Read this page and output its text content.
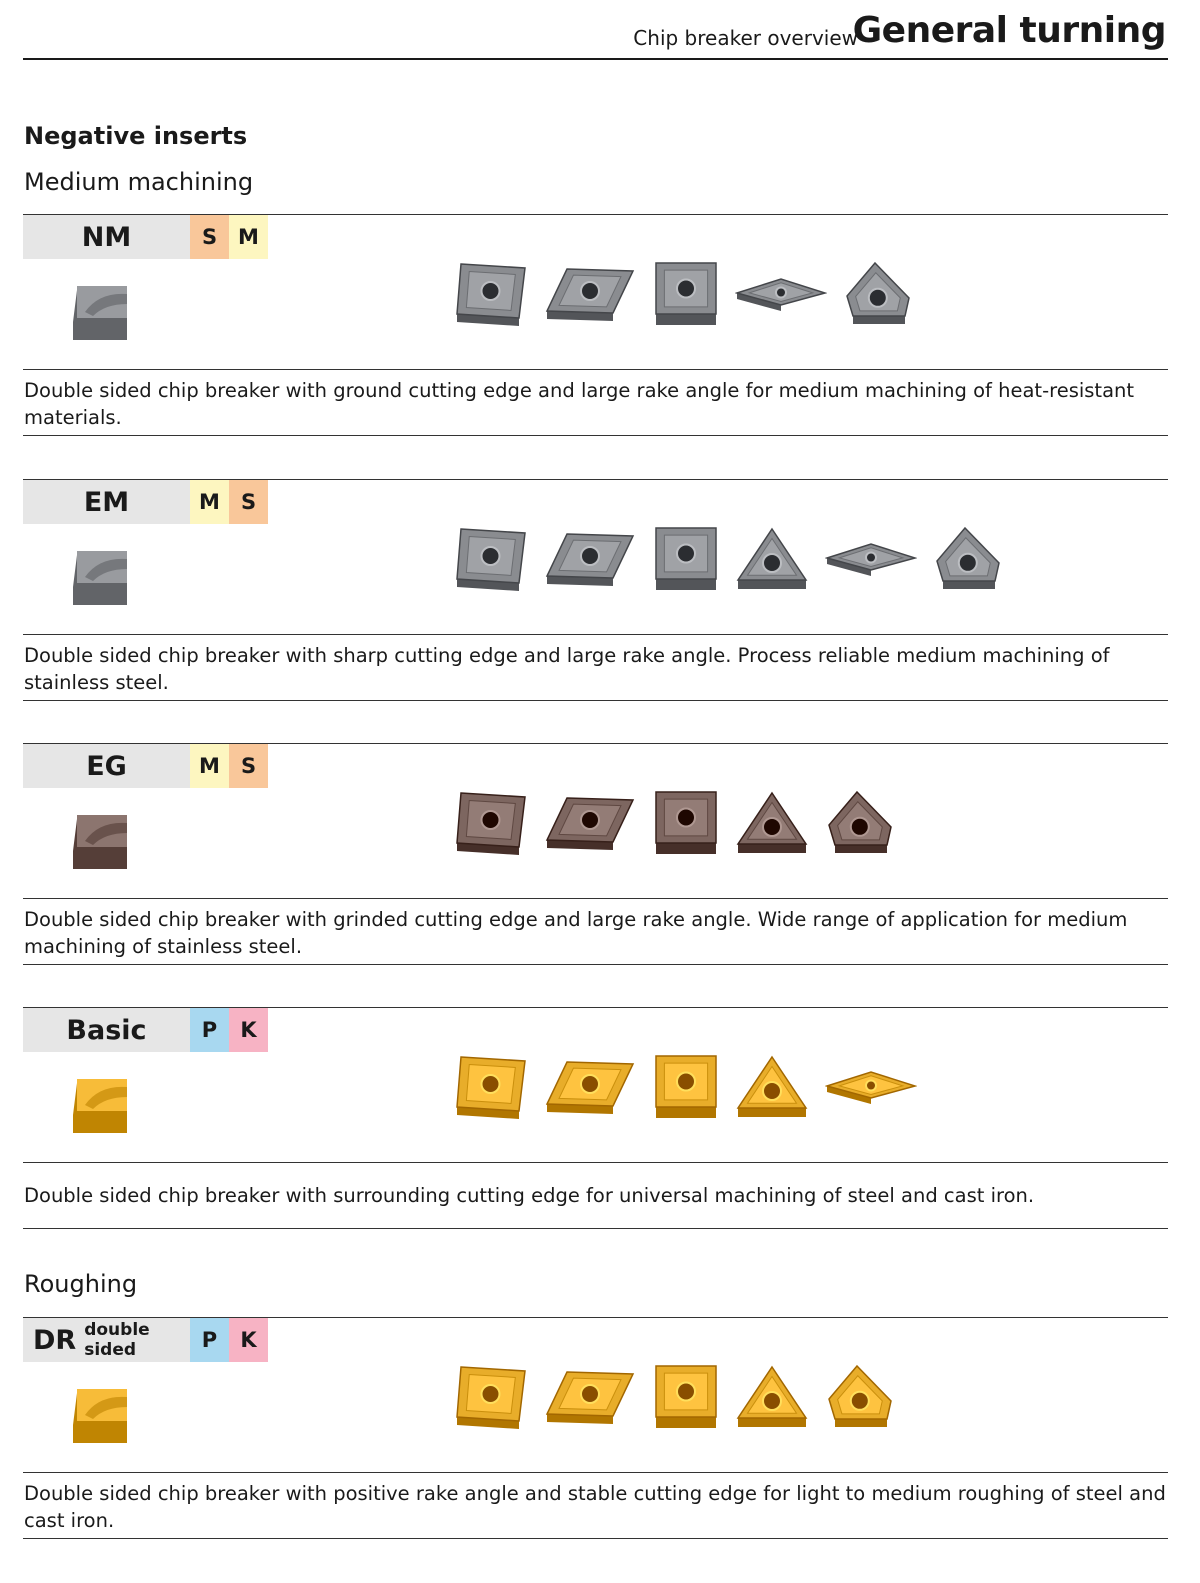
Chip breaker overview
General turning
Negative inserts
Medium machining
Roughing
NM	S M
Double sided chip breaker with ground cutting edge and large rake angle for medium machining of heat-resistant materials.
EM	M S
Double sided chip breaker with sharp cutting edge and large rake angle. Process reliable medium machining of stainless steel.
EG	M S
Double sided chip breaker with grinded cutting edge and large rake angle. Wide range of application for medium machining of stainless steel.
Basic	P	K
Double sided chip breaker with surrounding cutting edge for universal machining of steel and cast iron.
DR double sided	P	K
Double sided chip breaker with positive rake angle and stable cutting edge for light to medium roughing of steel and cast iron.
